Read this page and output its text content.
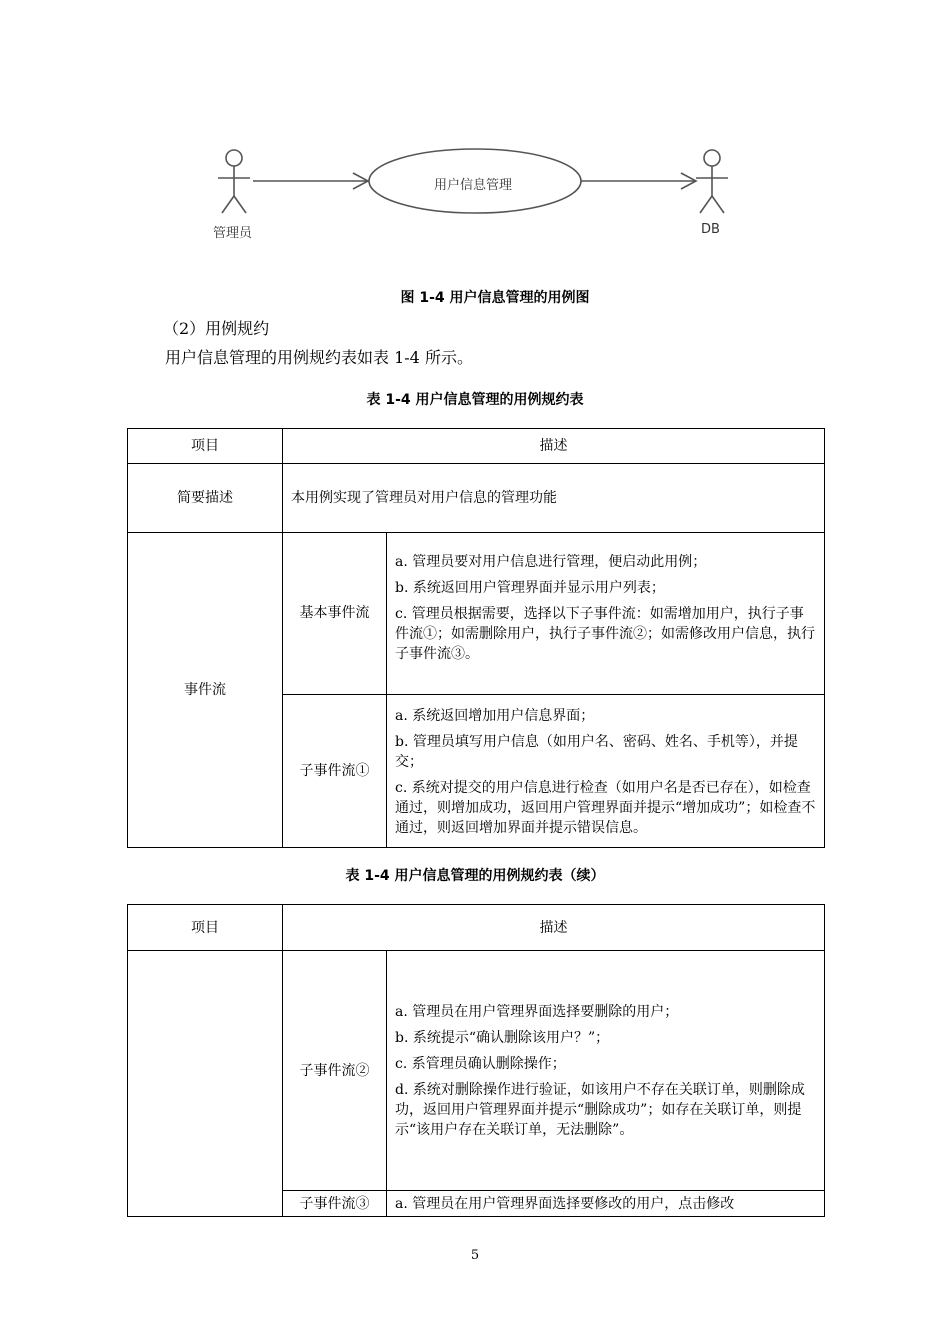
管理员
用户信息管理
DB
图 1-4 用户信息管理的用例图
（2）用例规约
用户信息管理的用例规约表如表 1-4 所示。
表 1-4 用户信息管理的用例规约表
项目	描述	
简要描述	本用例实现了管理员对用户信息的管理功能	
事件流	基本事件流	a. 管理员要对用户信息进行管理，便启动此用例；

b. 系统返回用户管理界面并显示用户列表；

c. 管理员根据需要，选择以下子事件流：如需增加用户，执行子事件流①；如需删除用户，执行子事件流②；如需修改用户信息，执行子事件流③。

	子事件流①	a. 系统返回增加用户信息界面；

b. 管理员填写用户信息（如用户名、密码、姓名、手机等），并提交；

c. 系统对提交的用户信息进行检查（如用户名是否已存在），如检查通过，则增加成功，返回用户管理界面并提示“增加成功”；如检查不通过，则返回增加界面并提示错误信息。

表 1-4 用户信息管理的用例规约表（续）
项目	描述	
	子事件流②	a. 管理员在用户管理界面选择要删除的用户；

b. 系统提示“确认删除该用户？”；

c. 系管理员确认删除操作；

d. 系统对删除操作进行验证，如该用户不存在关联订单，则删除成功，返回用户管理界面并提示“删除成功”；如存在关联订单，则提示“该用户存在关联订单，无法删除”。

	子事件流③	a. 管理员在用户管理界面选择要修改的用户，点击修改
5
